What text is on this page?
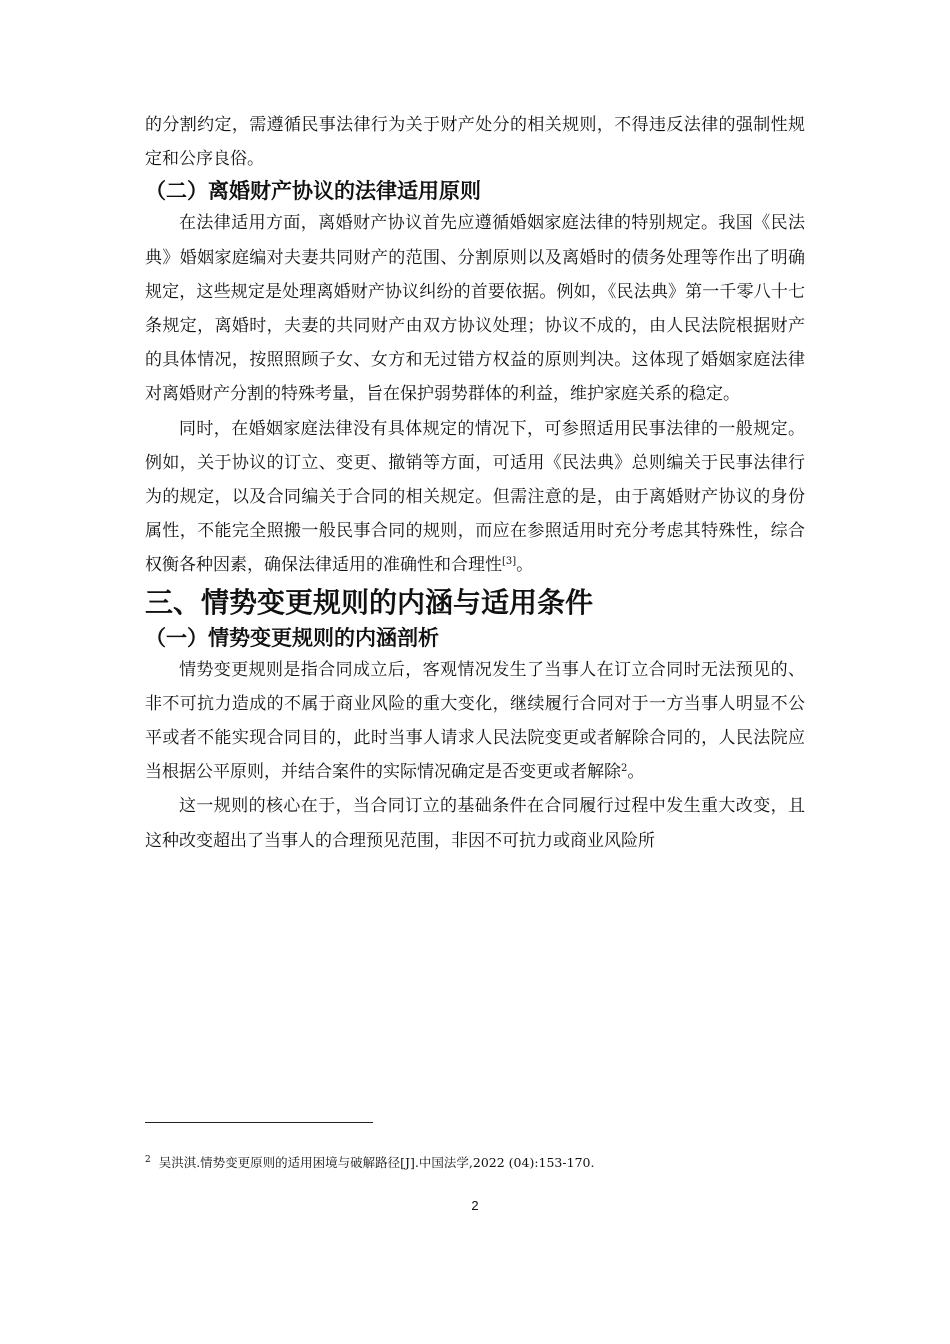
的分割约定，需遵循民事法律行为关于财产处分的相关规则，不得违反法律的强制性规定和公序良俗。

（二）离婚财产协议的法律适用原则

在法律适用方面，离婚财产协议首先应遵循婚姻家庭法律的特别规定。我国《民法典》婚姻家庭编对夫妻共同财产的范围、分割原则以及离婚时的债务处理等作出了明确规定，这些规定是处理离婚财产协议纠纷的首要依据。例如，《民法典》第一千零八十七条规定，离婚时，夫妻的共同财产由双方协议处理；协议不成的，由人民法院根据财产的具体情况，按照照顾子女、女方和无过错方权益的原则判决。这体现了婚姻家庭法律对离婚财产分割的特殊考量，旨在保护弱势群体的利益，维护家庭关系的稳定。

同时，在婚姻家庭法律没有具体规定的情况下，可参照适用民事法律的一般规定。例如，关于协议的订立、变更、撤销等方面，可适用《民法典》总则编关于民事法律行为的规定，以及合同编关于合同的相关规定。但需注意的是，由于离婚财产协议的身份属性，不能完全照搬一般民事合同的规则，而应在参照适用时充分考虑其特殊性，综合权衡各种因素，确保法律适用的准确性和合理性[3]。

三、情势变更规则的内涵与适用条件
（一）情势变更规则的内涵剖析

情势变更规则是指合同成立后，客观情况发生了当事人在订立合同时无法预见的、非不可抗力造成的不属于商业风险的重大变化，继续履行合同对于一方当事人明显不公平或者不能实现合同目的，此时当事人请求人民法院变更或者解除合同的，人民法院应当根据公平原则，并结合案件的实际情况确定是否变更或者解除$^2$。

这一规则的核心在于，当合同订立的基础条件在合同履行过程中发生重大改变，且这种改变超出了当事人的合理预见范围，非因不可抗力或商业风险所

$^2$ 吴洪淇.情势变更原则的适用困境与破解路径[J].中国法学,2022 (04):153-170.
2
